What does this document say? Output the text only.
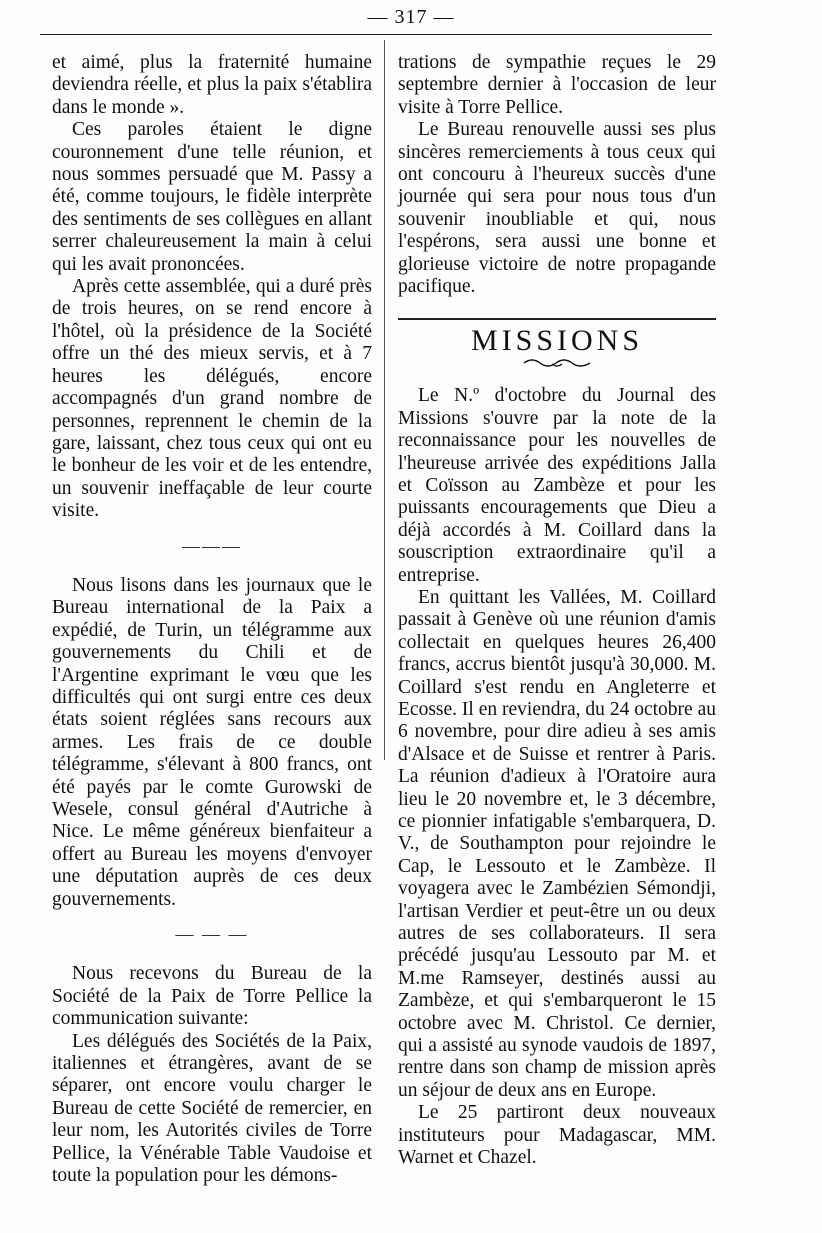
— 317 —

et aimé, plus la fraternité humaine deviendra réelle, et plus la paix s'établira dans le monde ».

Ces paroles étaient le digne couronnement d'une telle réunion, et nous sommes persuadé que M. Passy a été, comme toujours, le fidèle interprète des sentiments de ses collègues en allant serrer chaleureusement la main à celui qui les avait prononcées.

Après cette assemblée, qui a duré près de trois heures, on se rend encore à l'hôtel, où la présidence de la Société offre un thé des mieux servis, et à 7 heures les délégués, encore accompagnés d'un grand nombre de personnes, reprennent le chemin de la gare, laissant, chez tous ceux qui ont eu le bonheur de les voir et de les entendre, un souvenir ineffaçable de leur courte visite.

———

Nous lisons dans les journaux que le Bureau international de la Paix a expédié, de Turin, un télégramme aux gouvernements du Chili et de l'Argentine exprimant le vœu que les difficultés qui ont surgi entre ces deux états soient réglées sans recours aux armes. Les frais de ce double télégramme, s'élevant à 800 francs, ont été payés par le comte Gurowski de Wesele, consul général d'Autriche à Nice. Le même généreux bienfaiteur a offert au Bureau les moyens d'envoyer une députation auprès de ces deux gouvernements.

— — —

Nous recevons du Bureau de la Société de la Paix de Torre Pellice la communication suivante:

Les délégués des Sociétés de la Paix, italiennes et étrangères, avant de se séparer, ont encore voulu charger le Bureau de cette Société de remercier, en leur nom, les Autorités civiles de Torre Pellice, la Vénérable Table Vaudoise et toute la population pour les démons-

trations de sympathie reçues le 29 septembre dernier à l'occasion de leur visite à Torre Pellice.

Le Bureau renouvelle aussi ses plus sincères remerciements à tous ceux qui ont concouru à l'heureux succès d'une journée qui sera pour nous tous d'un souvenir inoubliable et qui, nous l'espérons, sera aussi une bonne et glorieuse victoire de notre propagande pacifique.

MISSIONS

Le N.º d'octobre du Journal des Missions s'ouvre par la note de la reconnaissance pour les nouvelles de l'heureuse arrivée des expéditions Jalla et Coïsson au Zambèze et pour les puissants encouragements que Dieu a déjà accordés à M. Coillard dans la souscription extraordinaire qu'il a entreprise.

En quittant les Vallées, M. Coillard passait à Genève où une réunion d'amis collectait en quelques heures 26,400 francs, accrus bientôt jusqu'à 30,000. M. Coillard s'est rendu en Angleterre et Ecosse. Il en reviendra, du 24 octobre au 6 novembre, pour dire adieu à ses amis d'Alsace et de Suisse et rentrer à Paris. La réunion d'adieux à l'Oratoire aura lieu le 20 novembre et, le 3 décembre, ce pionnier infatigable s'embarquera, D. V., de Southampton pour rejoindre le Cap, le Lessouto et le Zambèze. Il voyagera avec le Zambézien Sémondji, l'artisan Verdier et peut-être un ou deux autres de ses collaborateurs. Il sera précédé jusqu'au Lessouto par M. et M.me Ramseyer, destinés aussi au Zambèze, et qui s'embarqueront le 15 octobre avec M. Christol. Ce dernier, qui a assisté au synode vaudois de 1897, rentre dans son champ de mission après un séjour de deux ans en Europe.

Le 25 partiront deux nouveaux instituteurs pour Madagascar, MM. Warnet et Chazel.
